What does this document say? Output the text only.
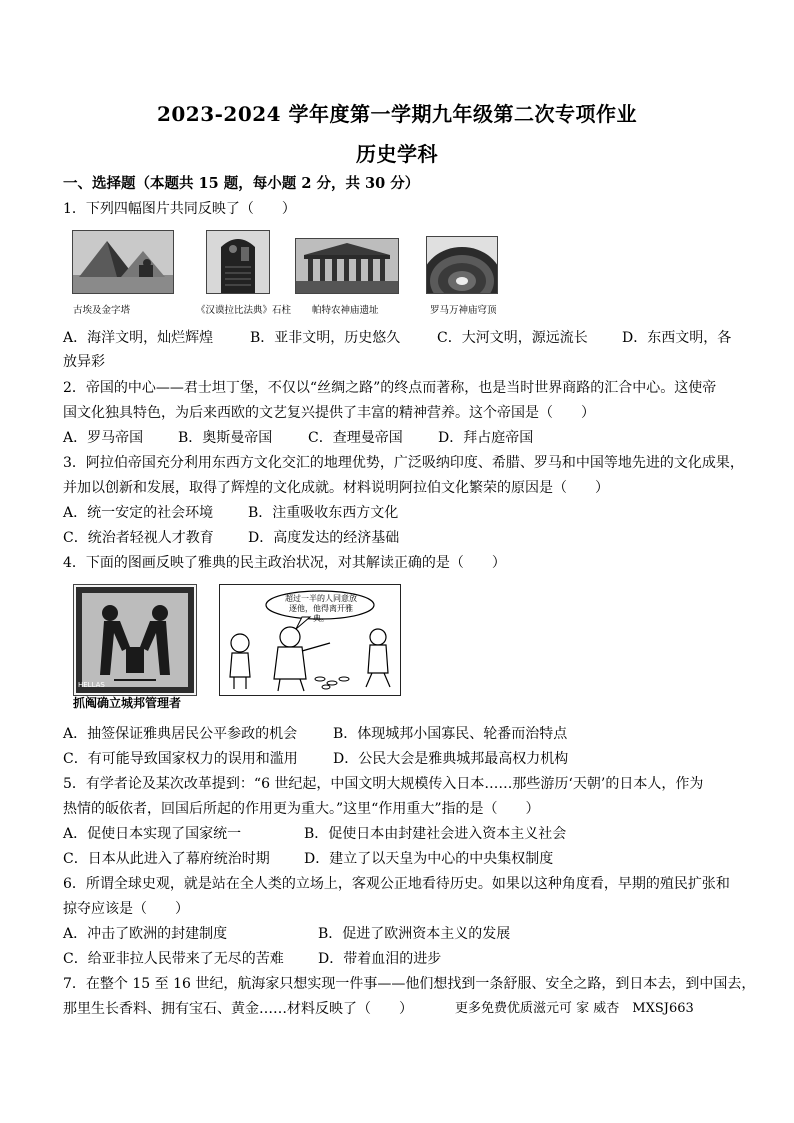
2023-2024 学年度第一学期九年级第二次专项作业
历史学科
一、选择题（本题共 15 题，每小题 2 分，共 30 分）
1．下列四幅图片共同反映了（　　）
古埃及金字塔	《汉谟拉比法典》石柱 帕特农神庙遗址	罗马万神庙穹顶
A．海洋文明，灿烂辉煌	B．亚非文明，历史悠久	C．大河文明，源远流长 D．东西文明，各
放异彩
2．帝国的中心——君士坦丁堡，不仅以“丝绸之路”的终点而著称，也是当时世界商路的汇合中心。这使帝
国文化独具特色，为后来西欧的文艺复兴提供了丰富的精神营养。这个帝国是（　　）
A．罗马帝国 B．奥斯曼帝国	C．查理曼帝国	D．拜占庭帝国
3．阿拉伯帝国充分利用东西方文化交汇的地理优势，广泛吸纳印度、希腊、罗马和中国等地先进的文化成果，
并加以创新和发展，取得了辉煌的文化成就。材料说明阿拉伯文化繁荣的原因是（　　）
A．统一安定的社会环境 B．注重吸收东西方文化
C．统治者轻视人才教育 D．高度发达的经济基础
4．下面的图画反映了雅典的民主政治状况，对其解读正确的是（　　）
HELLAS
抓阄确立城邦管理者
超过一半的人同意放
逐他，他得离开雅典。
A．抽签保证雅典居民公平参政的机会	B．体现城邦小国寡民、轮番而治特点
C．有可能导致国家权力的误用和滥用	D．公民大会是雅典城邦最高权力机构
5．有学者论及某次改革提到：“6 世纪起，中国文明大规模传入日本……那些游历‘天朝’的日本人，作为
热情的皈依者，回国后所起的作用更为重大。”这里“作用重大”指的是（　　）
A．促使日本实现了国家统一	B．促使日本由封建社会进入资本主义社会
C．日本从此进入了幕府统治时期 D．建立了以天皇为中心的中央集权制度
6．所谓全球史观，就是站在全人类的立场上，客观公正地看待历史。如果以这种角度看，早期的殖民扩张和
掠夺应该是（　　）
A．冲击了欧洲的封建制度	B．促进了欧洲资本主义的发展
C．给亚非拉人民带来了无尽的苦难 D．带着血泪的进步
7．在整个 15 至 16 世纪，航海家只想实现一件事——他们想找到一条舒服、安全之路，到日本去，到中国去，
那里生长香料、拥有宝石、黄金……材料反映了（　　）	更多免费优质滋元可 家 威杏　MXSJ663
